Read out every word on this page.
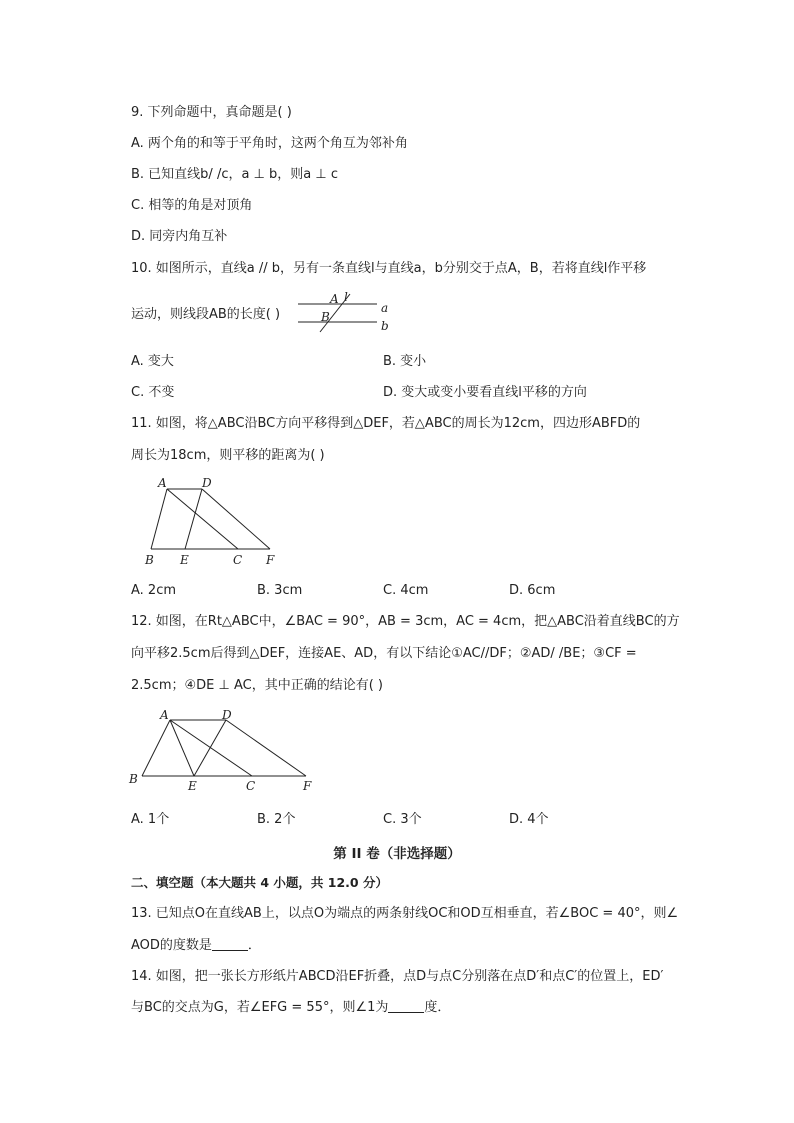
9. 下列命题中，真命题是( )
A. 两个角的和等于平角时，这两个角互为邻补角
B. 已知直线b/ /c，a ⊥ b，则a ⊥ c
C. 相等的角是对顶角
D. 同旁内角互补
10. 如图所示，直线a // b，另有一条直线l与直线a，b分别交于点A，B，若将直线l作平移
运动，则线段AB的长度( )
A l
B
a
b
A. 变大	B. 变小
C. 不变	D. 变大或变小要看直线l平移的方向
11. 如图，将△ABC沿BC方向平移得到△DEF，若△ABC的周长为12cm，四边形ABFD的
周长为18cm，则平移的距离为( )
A	D
B E	C F
A. 2cm	B. 3cm	C. 4cm	D. 6cm
12. 如图，在Rt△ABC中，∠BAC = 90°，AB = 3cm，AC = 4cm，把△ABC沿着直线BC的方
向平移2.5cm后得到△DEF，连接AE、AD，有以下结论①AC//DF；②AD/ /BE；③CF =
2.5cm；④DE ⊥ AC，其中正确的结论有( )
A	D
B	E	C	F
A. 1个	B. 2个	C. 3个	D. 4个
第 II 卷（非选择题）
二、填空题（本大题共 4 小题，共 12.0 分）
13. 已知点O在直线AB上，以点O为端点的两条射线OC和OD互相垂直，若∠BOC = 40°，则∠
AOD的度数是	．
14. 如图，把一张长方形纸片ABCD沿EF折叠，点D与点C分别落在点D′和点C′的位置上，ED′
与BC的交点为G，若∠EFG = 55°，则∠1为	度．
